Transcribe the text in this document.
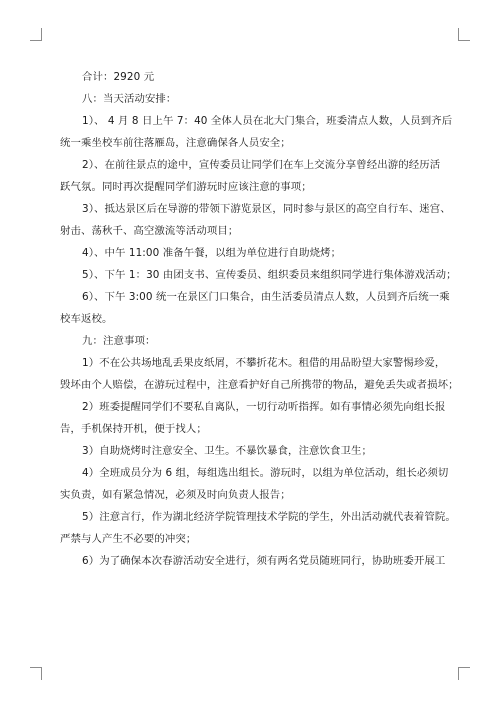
合计：2920 元

八：当天活动安排：

1）、 4 月 8 日上午 7：40 全体人员在北大门集合，班委清点人数，人员到齐后

统一乘坐校车前往落雁岛，注意确保各人员安全；

2）、在前往景点的途中，宣传委员让同学们在车上交流分享曾经出游的经历活

跃气氛。同时再次提醒同学们游玩时应该注意的事项；

3）、抵达景区后在导游的带领下游览景区，同时参与景区的高空自行车、迷宫、

射击、荡秋千、高空激流等活动项目；

4）、中午 11:00 准备午餐，以组为单位进行自助烧烤；

5）、下午 1：30 由团支书、宣传委员、组织委员来组织同学进行集体游戏活动；

6）、下午 3:00 统一在景区门口集合，由生活委员清点人数，人员到齐后统一乘

校车返校。

九：注意事项：

1）不在公共场地乱丢果皮纸屑，不攀折花木。租借的用品盼望大家警惕珍爱，

毁坏由个人赔偿，在游玩过程中，注意看护好自己所携带的物品，避免丢失或者损坏；

2）班委提醒同学们不要私自离队，一切行动听指挥。如有事情必须先向组长报

告，手机保持开机，便于找人；

3）自助烧烤时注意安全、卫生。不暴饮暴食，注意饮食卫生；

4）全班成员分为 6 组，每组选出组长。游玩时，以组为单位活动，组长必须切

实负责，如有紧急情况，必须及时向负责人报告；

5）注意言行，作为湖北经济学院管理技术学院的学生，外出活动就代表着管院。

严禁与人产生不必要的冲突；

6）为了确保本次春游活动安全进行，须有两名党员随班同行，协助班委开展工
